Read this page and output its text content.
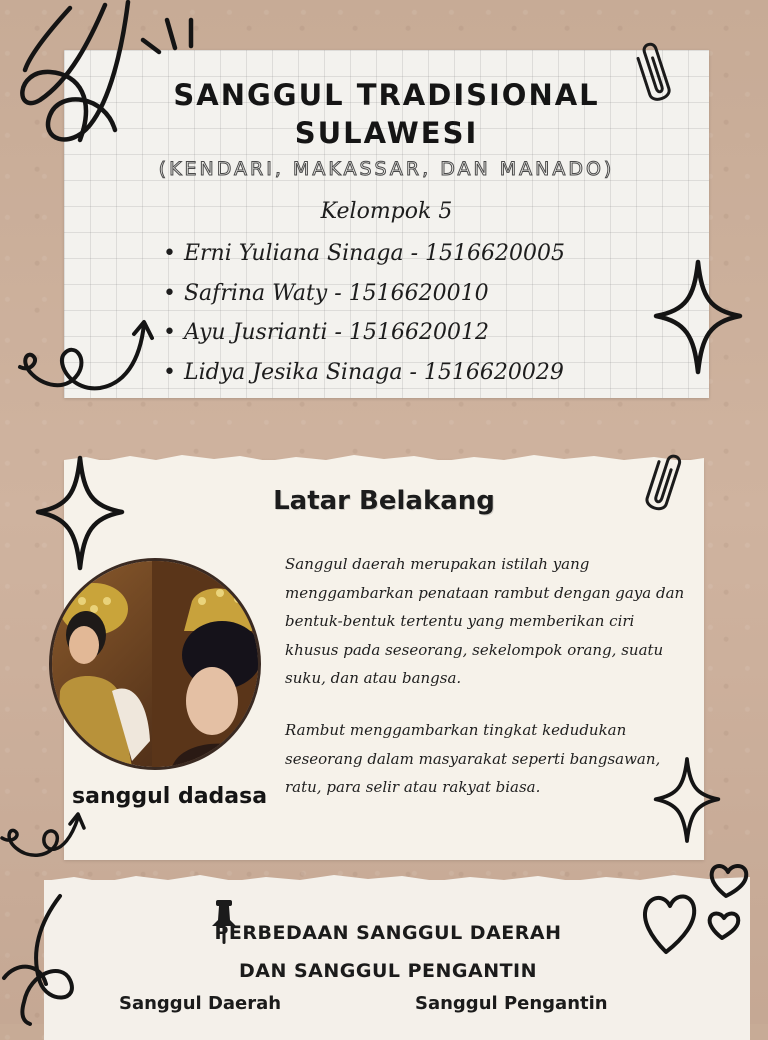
SANGGUL TRADISIONAL
SULAWESI
(KENDARI, MAKASSAR, DAN MANADO)
Kelompok 5
• Erni Yuliana Sinaga - 1516620005
• Safrina Waty - 1516620010
• Ayu Jusrianti - 1516620012
• Lidya Jesika Sinaga - 1516620029
Latar Belakang
Sanggul daerah merupakan istilah yang menggambarkan penataan rambut dengan gaya dan bentuk-bentuk tertentu yang memberikan ciri khusus pada seseorang, sekelompok orang, suatu suku, dan atau bangsa.
Rambut menggambarkan tingkat kedudukan seseorang dalam masyarakat seperti bangsawan, ratu, para selir atau rakyat biasa.
sanggul dadasa
PERBEDAAN SANGGUL DAERAH
DAN SANGGUL PENGANTIN
Sanggul Daerah	Sanggul Pengantin
